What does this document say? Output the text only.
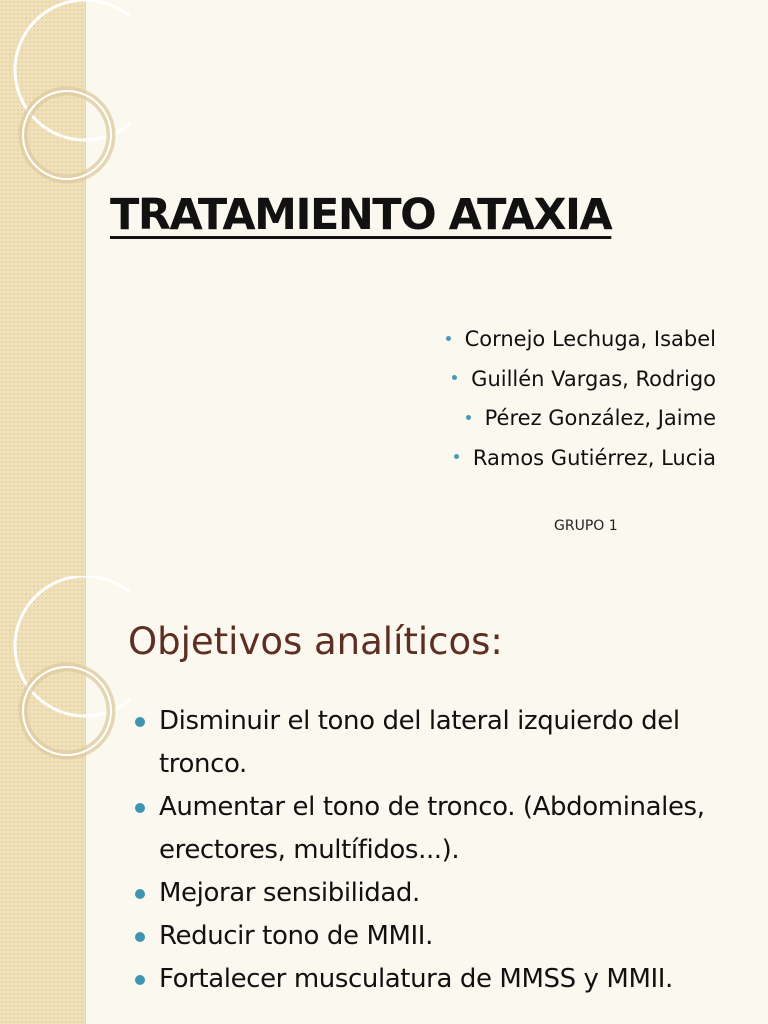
TRATAMIENTO ATAXIA
Cornejo Lechuga, Isabel
Guillén Vargas, Rodrigo
Pérez González, Jaime
Ramos Gutiérrez, Lucia
GRUPO 1
Objetivos analíticos:
Disminuir el tono del lateral izquierdo del tronco.
Aumentar el tono de tronco. (Abdominales, erectores, multífidos...).
Mejorar sensibilidad.
Reducir tono de MMII.
Fortalecer musculatura de MMSS y MMII.
